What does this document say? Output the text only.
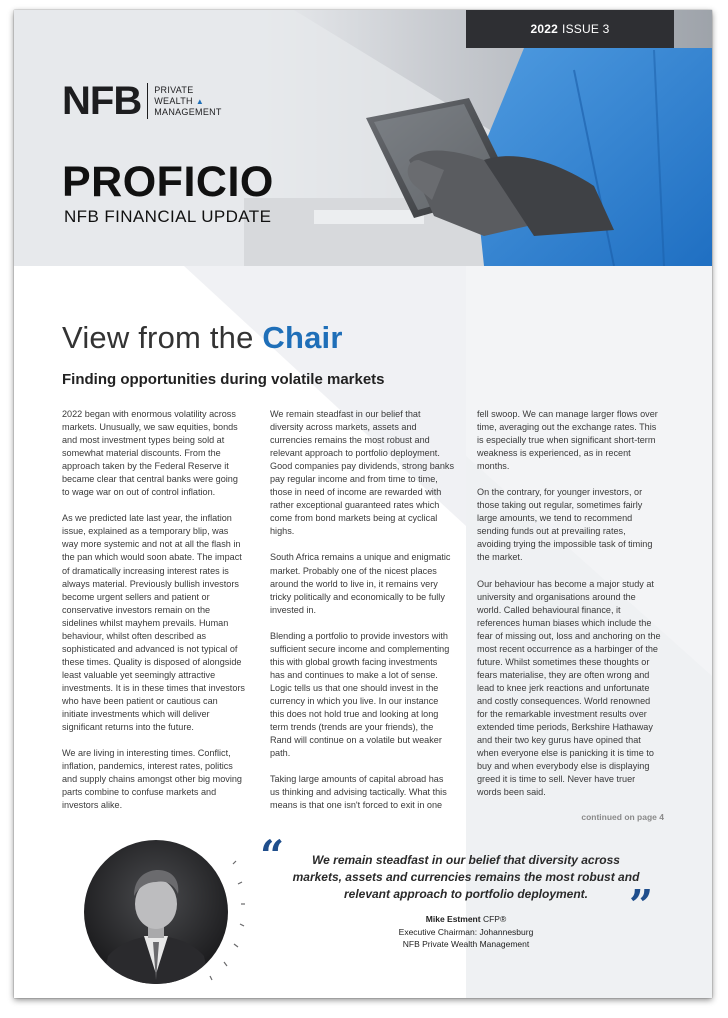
2022 ISSUE 3
NFB PRIVATE
WEALTH ▲
MANAGEMENT
PROFICIO
NFB FINANCIAL UPDATE
View from the Chair
Finding opportunities during volatile markets

2022 began with enormous volatility across markets. Unusually, we saw equities, bonds and most investment types being sold at somewhat material discounts. From the approach taken by the Federal Reserve it became clear that central banks were going to wage war on out of control inflation.

As we predicted late last year, the inflation issue, explained as a temporary blip, was way more systemic and not at all the flash in the pan which would soon abate. The impact of dramatically increasing interest rates is always material. Previously bullish investors become urgent sellers and patient or conservative investors remain on the sidelines whilst mayhem prevails. Human behaviour, whilst often described as sophisticated and advanced is not typical of these times. Quality is disposed of alongside least valuable yet seemingly attractive investments. It is in these times that investors who have been patient or cautious can initiate investments which will deliver significant returns into the future.

We are living in interesting times. Conflict, inflation, pandemics, interest rates, politics and supply chains amongst other big moving parts combine to confuse markets and investors alike.

We remain steadfast in our belief that diversity across markets, assets and currencies remains the most robust and relevant approach to portfolio deployment. Good companies pay dividends, strong banks pay regular income and from time to time, those in need of income are rewarded with rather exceptional guaranteed rates which come from bond markets being at cyclical highs.

South Africa remains a unique and enigmatic market. Probably one of the nicest places around the world to live in, it remains very tricky politically and economically to be fully invested in.

Blending a portfolio to provide investors with sufficient secure income and complementing this with global growth facing investments has and continues to make a lot of sense. Logic tells us that one should invest in the currency in which you live. In our instance this does not hold true and looking at long term trends (trends are your friends), the Rand will continue on a volatile but weaker path.

Taking large amounts of capital abroad has us thinking and advising tactically. What this means is that one isn't forced to exit in one

fell swoop. We can manage larger flows over time, averaging out the exchange rates. This is especially true when significant short-term weakness is experienced, as in recent months.

On the contrary, for younger investors, or those taking out regular, sometimes fairly large amounts, we tend to recommend sending funds out at prevailing rates, avoiding trying the impossible task of timing the market.

Our behaviour has become a major study at university and organisations around the world. Called behavioural finance, it references human biases which include the fear of missing out, loss and anchoring on the most recent occurrence as a harbinger of the future. Whilst sometimes these thoughts or fears materialise, they are often wrong and lead to knee jerk reactions and unfortunate and costly consequences. World renowned for the remarkable investment results over extended time periods, Berkshire Hathaway and their two key gurus have opined that when everyone else is panicking it is time to buy and when everybody else is displaying greed it is time to sell. Never have truer words been said.

continued on page 4
“	We remain steadfast in our belief that diversity across markets, assets and currencies remains the most robust and relevant approach to portfolio deployment. ”
Mike Estment CFP®
Executive Chairman: Johannesburg
NFB Private Wealth Management
